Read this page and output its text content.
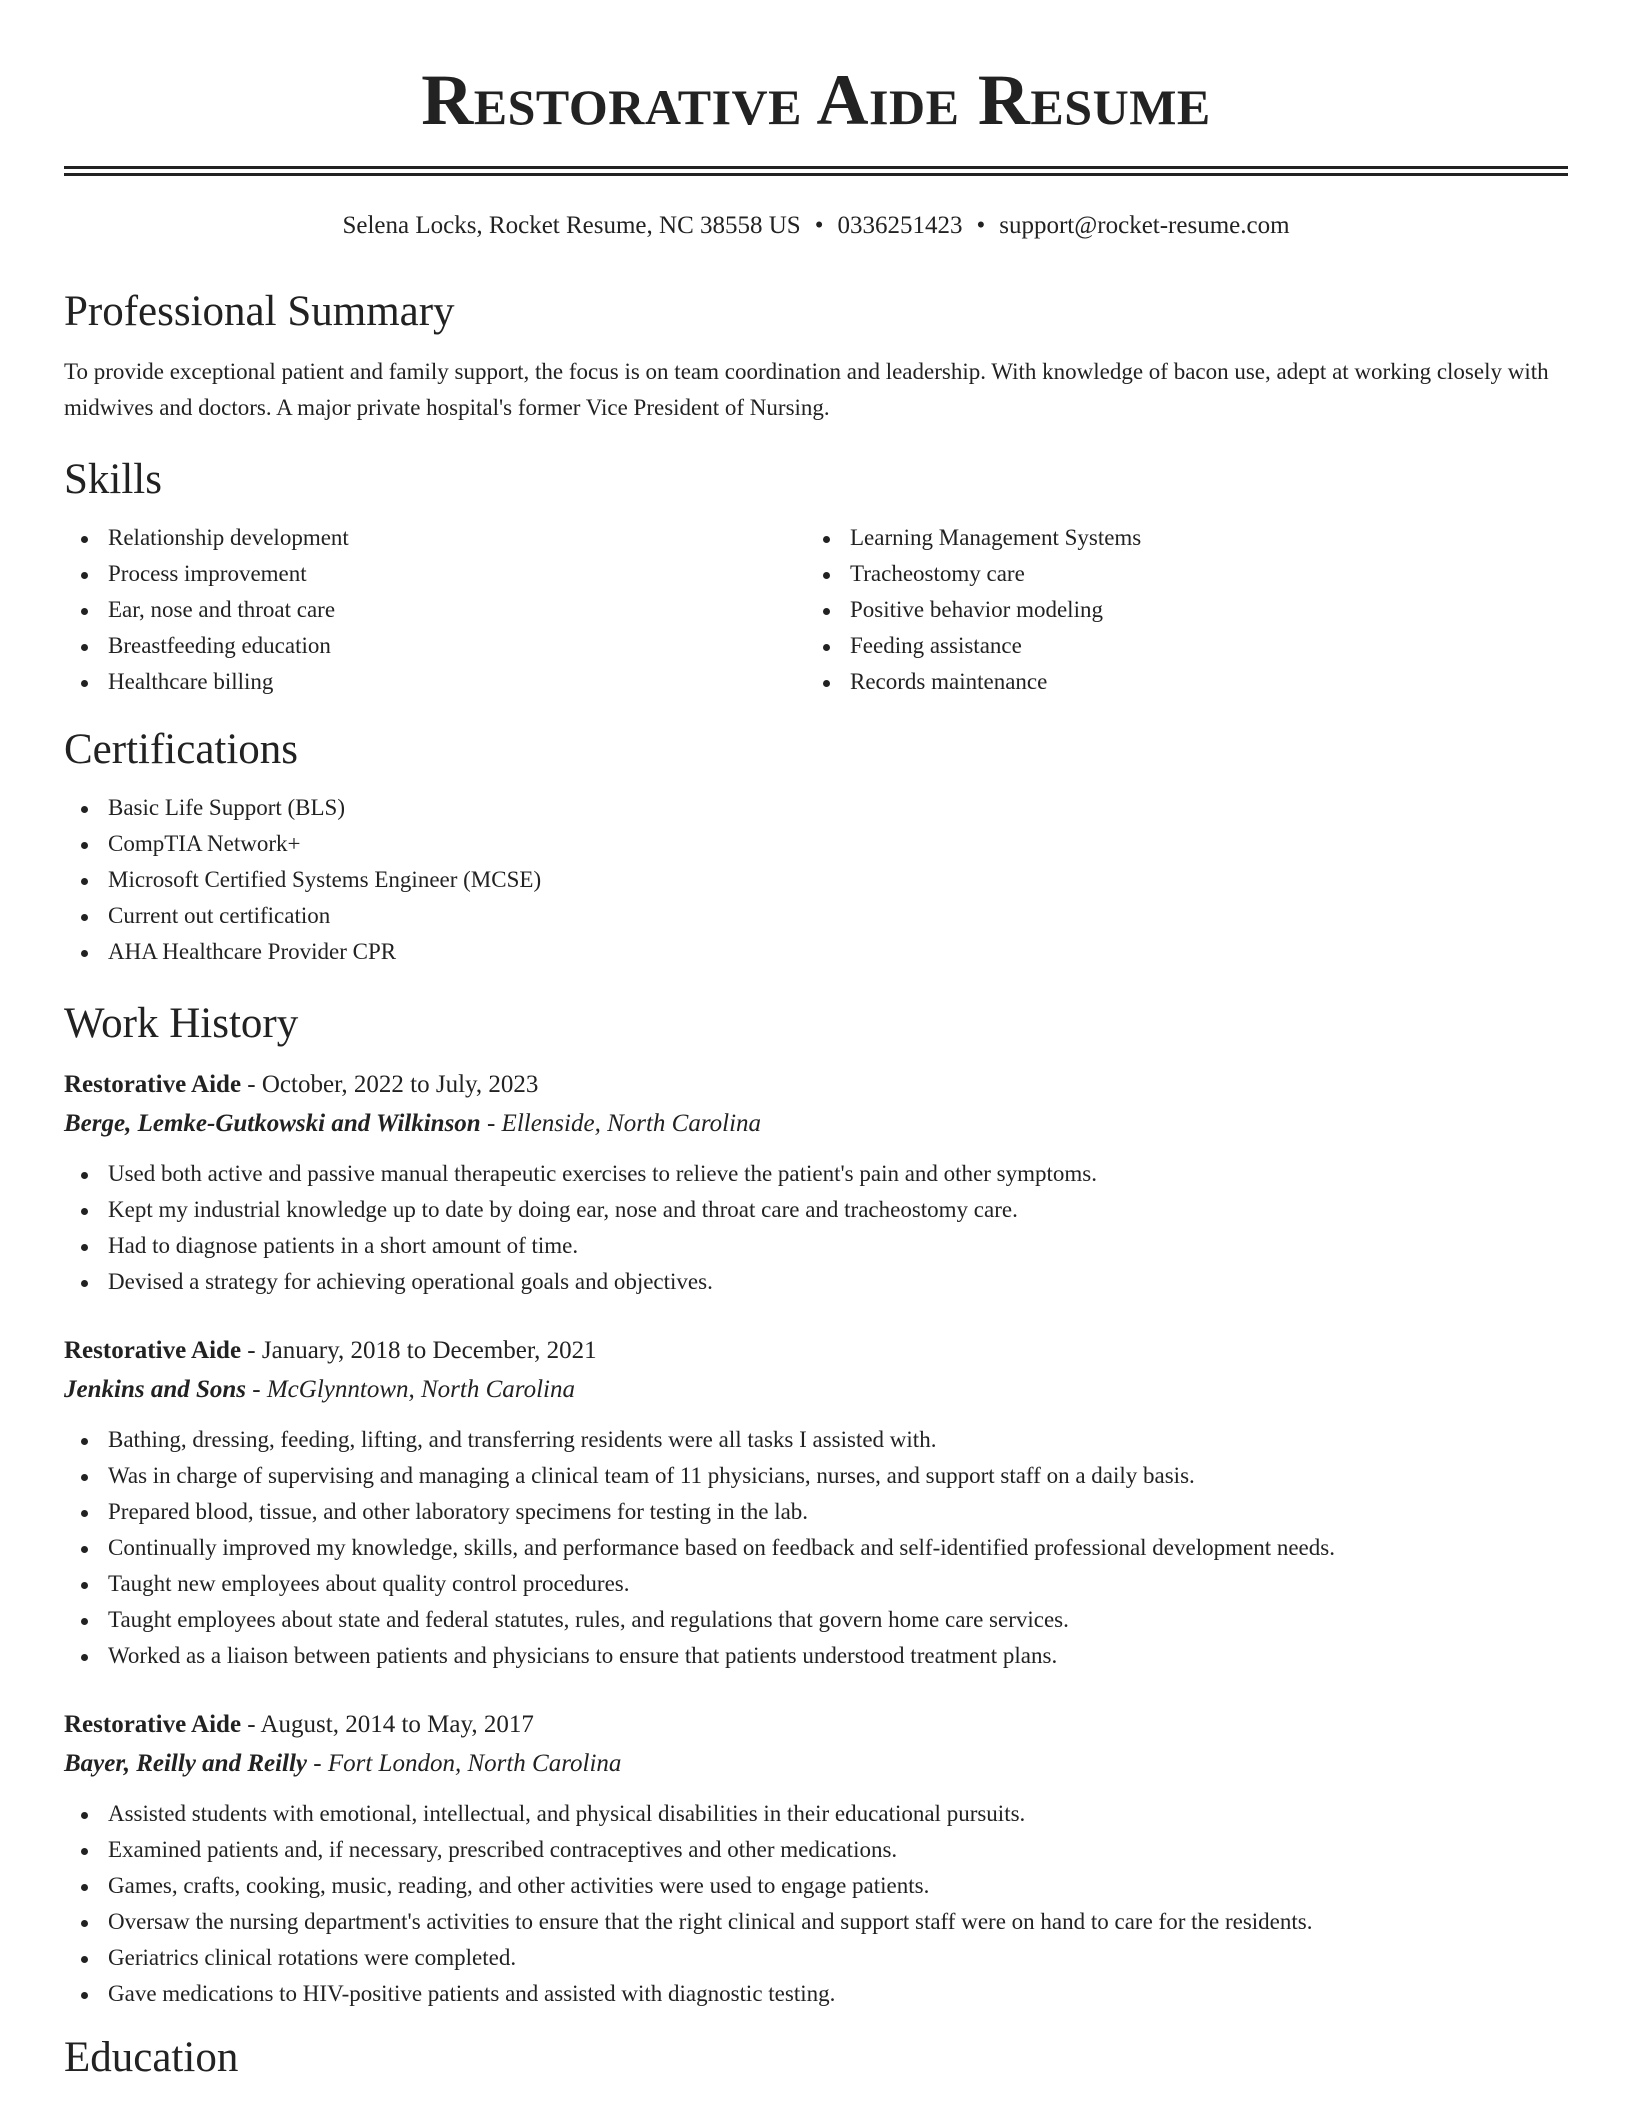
Restorative Aide Resume
Selena Locks, Rocket Resume, NC 38558 US • 0336251423 • support@rocket-resume.com
Professional Summary

To provide exceptional patient and family support, the focus is on team coordination and leadership. With knowledge of bacon use, adept at working closely with midwives and doctors. A major private hospital's former Vice President of Nursing.

Skills
Relationship development
Process improvement
Ear, nose and throat care
Breastfeeding education
Healthcare billing
Learning Management Systems
Tracheostomy care
Positive behavior modeling
Feeding assistance
Records maintenance
Certifications
Basic Life Support (BLS)
CompTIA Network+
Microsoft Certified Systems Engineer (MCSE)
Current out certification
AHA Healthcare Provider CPR
Work History
Restorative Aide - October, 2022 to July, 2023
Berge, Lemke-Gutkowski and Wilkinson - Ellenside, North Carolina
Used both active and passive manual therapeutic exercises to relieve the patient's pain and other symptoms.
Kept my industrial knowledge up to date by doing ear, nose and throat care and tracheostomy care.
Had to diagnose patients in a short amount of time.
Devised a strategy for achieving operational goals and objectives.
Restorative Aide - January, 2018 to December, 2021
Jenkins and Sons - McGlynntown, North Carolina
Bathing, dressing, feeding, lifting, and transferring residents were all tasks I assisted with.
Was in charge of supervising and managing a clinical team of 11 physicians, nurses, and support staff on a daily basis.
Prepared blood, tissue, and other laboratory specimens for testing in the lab.
Continually improved my knowledge, skills, and performance based on feedback and self-identified professional development needs.
Taught new employees about quality control procedures.
Taught employees about state and federal statutes, rules, and regulations that govern home care services.
Worked as a liaison between patients and physicians to ensure that patients understood treatment plans.
Restorative Aide - August, 2014 to May, 2017
Bayer, Reilly and Reilly - Fort London, North Carolina
Assisted students with emotional, intellectual, and physical disabilities in their educational pursuits.
Examined patients and, if necessary, prescribed contraceptives and other medications.
Games, crafts, cooking, music, reading, and other activities were used to engage patients.
Oversaw the nursing department's activities to ensure that the right clinical and support staff were on hand to care for the residents.
Geriatrics clinical rotations were completed.
Gave medications to HIV-positive patients and assisted with diagnostic testing.
Education
